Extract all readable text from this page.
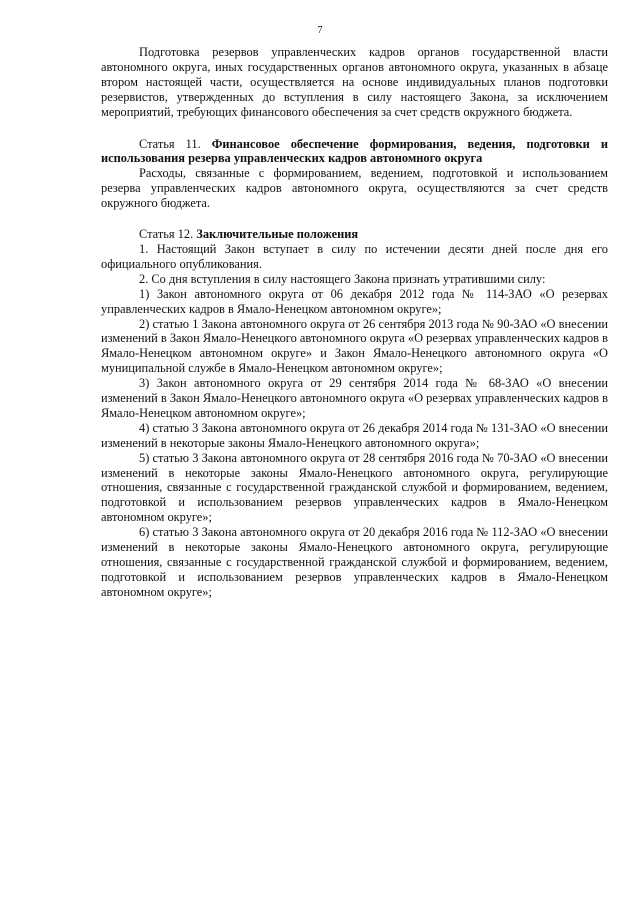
7

Подготовка резервов управленческих кадров органов государственной власти автономного округа, иных государственных органов автономного округа, указанных в абзаце втором настоящей части, осуществляется на основе индивидуальных планов подготовки резервистов, утвержденных до вступления в силу настоящего Закона, за исключением мероприятий, требующих финансового обеспечения за счет средств окружного бюджета.

Статья 11. Финансовое обеспечение формирования, ведения, подготовки и использования резерва управленческих кадров автономного округа

Расходы, связанные с формированием, ведением, подготовкой и использованием резерва управленческих кадров автономного округа, осуществляются за счет средств окружного бюджета.

Статья 12. Заключительные положения

1. Настоящий Закон вступает в силу по истечении десяти дней после дня его официального опубликования.

2. Со дня вступления в силу настоящего Закона признать утратившими силу:

1) Закон автономного округа от 06 декабря 2012 года № 114-ЗАО «О резервах управленческих кадров в Ямало-Ненецком автономном округе»;

2) статью 1 Закона автономного округа от 26 сентября 2013 года № 90-ЗАО «О внесении изменений в Закон Ямало-Ненецкого автономного округа «О резервах управленческих кадров в Ямало-Ненецком автономном округе» и Закон Ямало-Ненецкого автономного округа «О муниципальной службе в Ямало-Ненецком автономном округе»;

3) Закон автономного округа от 29 сентября 2014 года № 68-ЗАО «О внесении изменений в Закон Ямало-Ненецкого автономного округа «О резервах управленческих кадров в Ямало-Ненецком автономном округе»;

4) статью 3 Закона автономного округа от 26 декабря 2014 года № 131-ЗАО «О внесении изменений в некоторые законы Ямало-Ненецкого автономного округа»;

5) статью 3 Закона автономного округа от 28 сентября 2016 года № 70-ЗАО «О внесении изменений в некоторые законы Ямало-Ненецкого автономного округа, регулирующие отношения, связанные с государственной гражданской службой и формированием, ведением, подготовкой и использованием резервов управленческих кадров в Ямало-Ненецком автономном округе»;

6) статью 3 Закона автономного округа от 20 декабря 2016 года № 112-ЗАО «О внесении изменений в некоторые законы Ямало-Ненецкого автономного округа, регулирующие отношения, связанные с государственной гражданской службой и формированием, ведением, подготовкой и использованием резервов управленческих кадров в Ямало-Ненецком автономном округе»;
